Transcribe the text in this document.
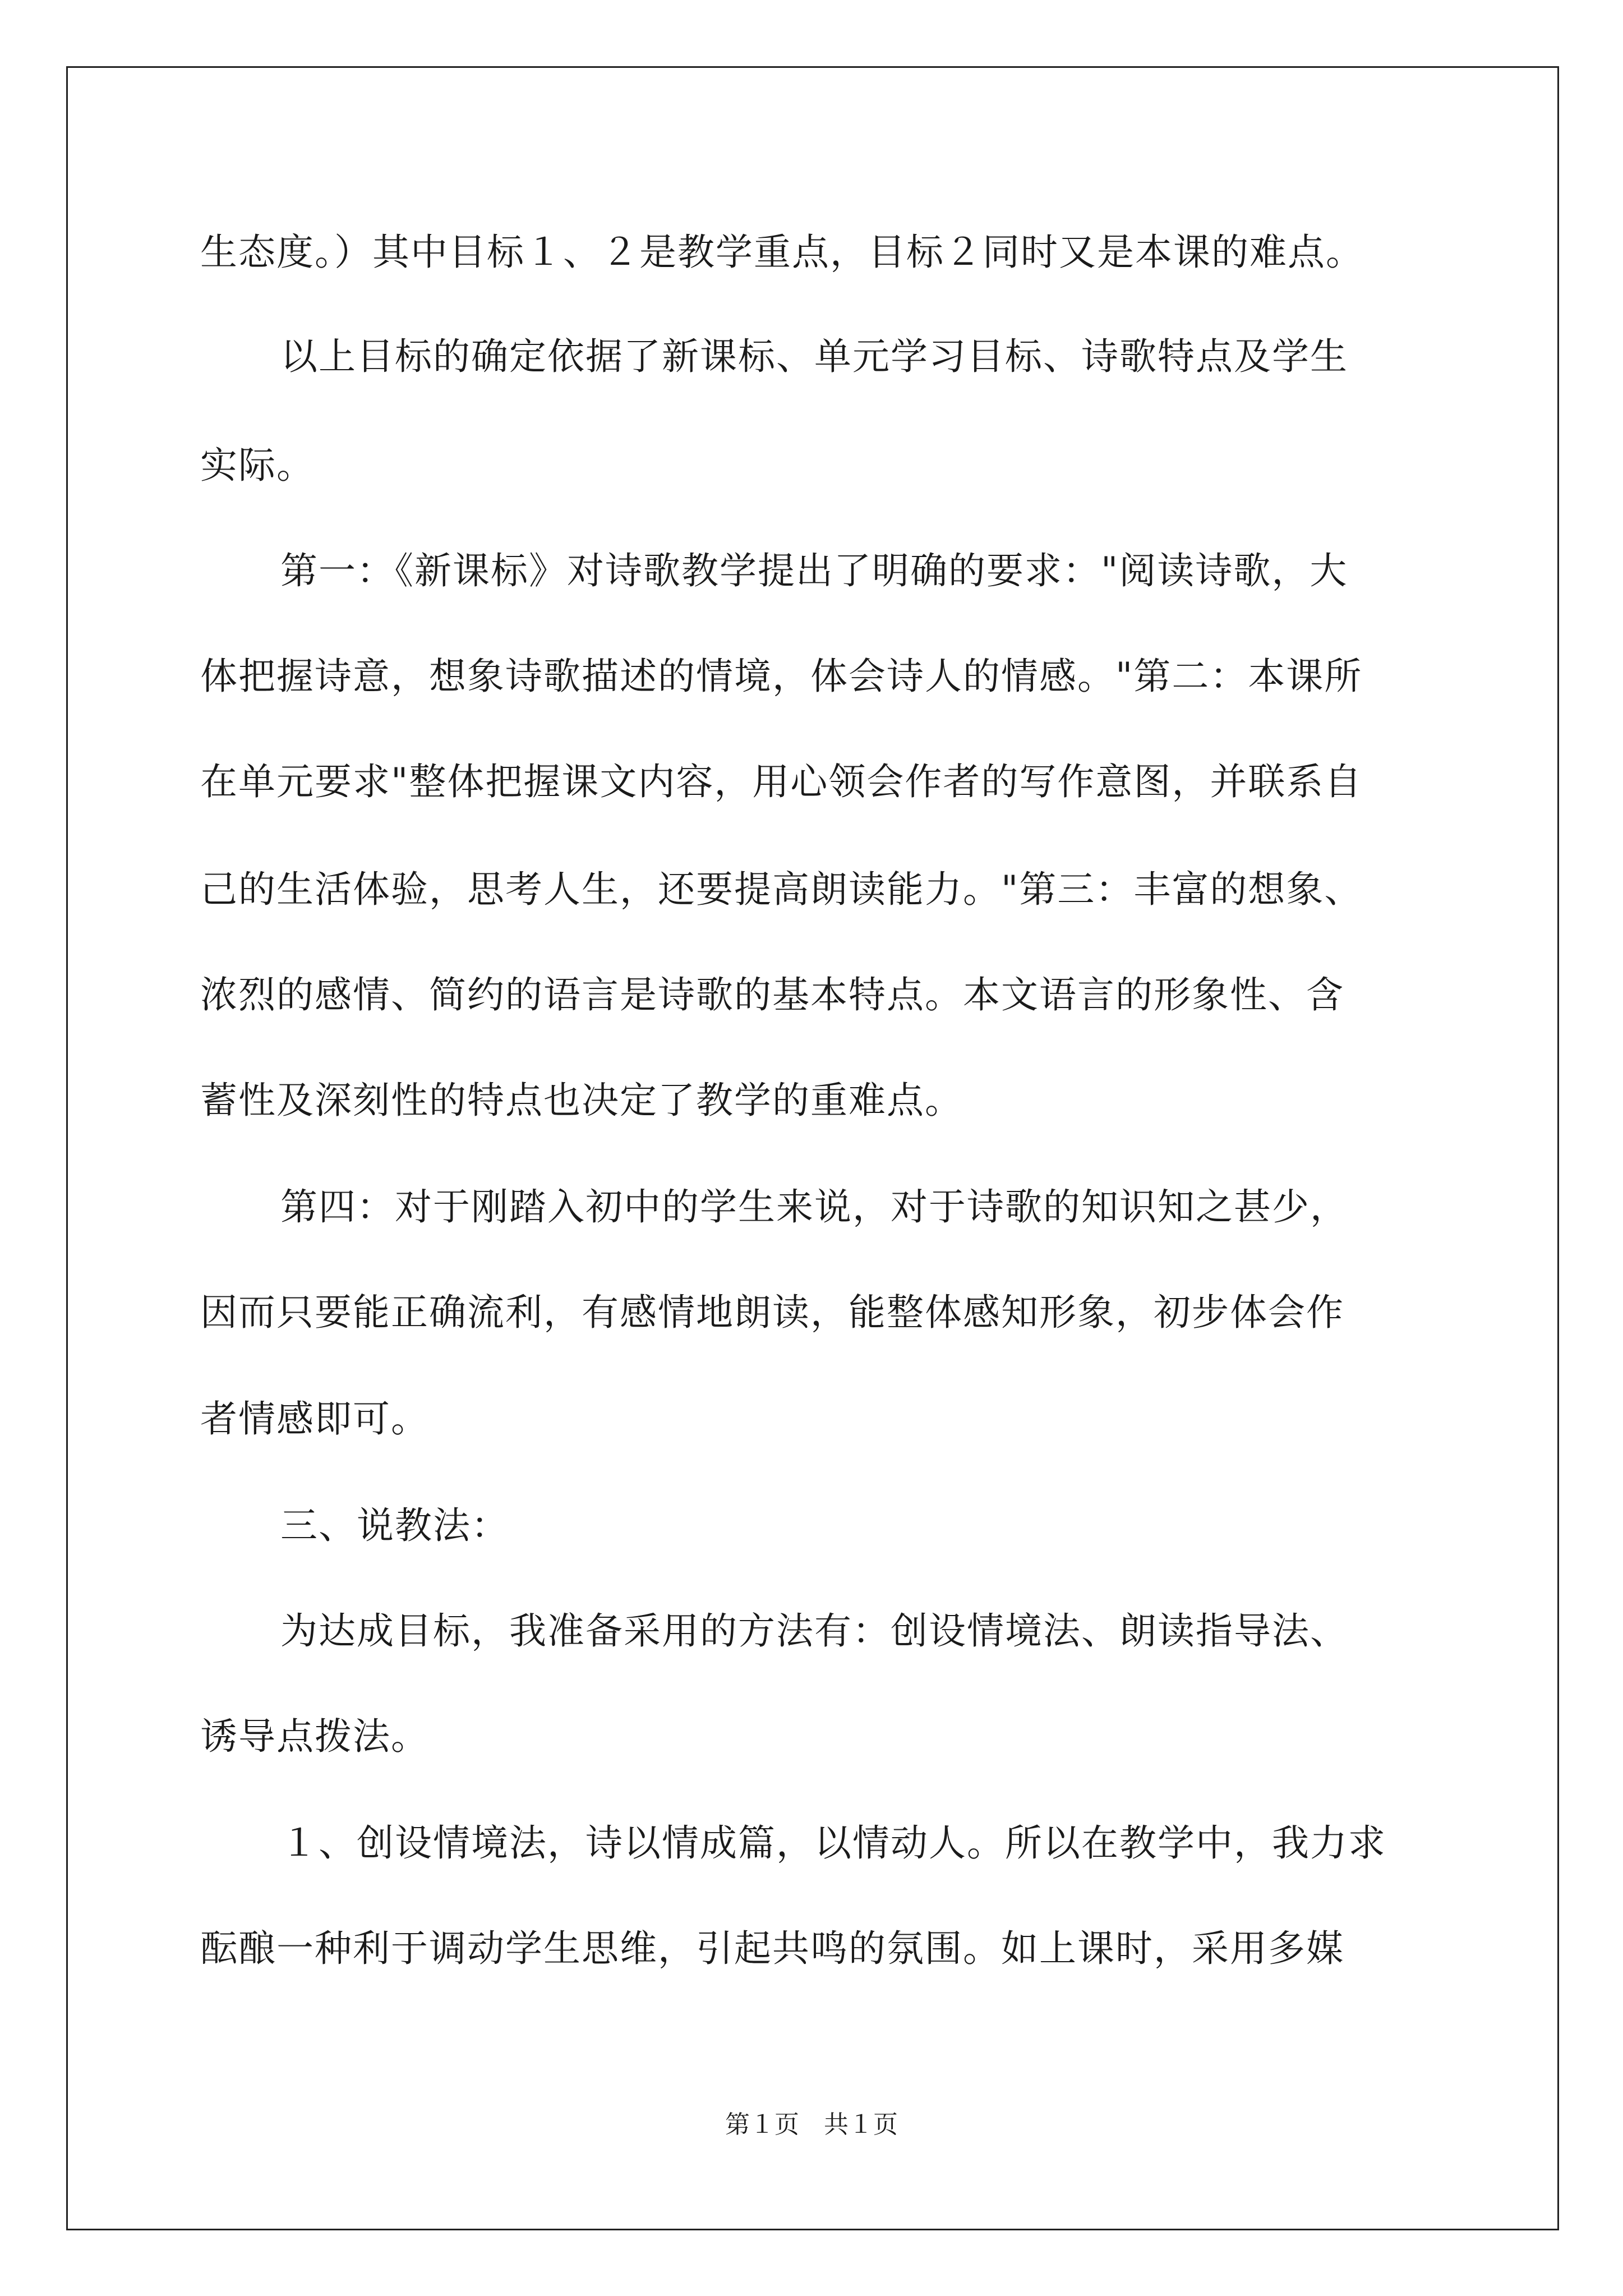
生态度。）其中目标１、２是教学重点，目标２同时又是本课的难点。
以上目标的确定依据了新课标、单元学习目标、诗歌特点及学生
实际。
第一：《新课标》对诗歌教学提出了明确的要求："阅读诗歌，大
体把握诗意，想象诗歌描述的情境，体会诗人的情感。"第二：本课所
在单元要求"整体把握课文内容，用心领会作者的写作意图，并联系自
己的生活体验，思考人生，还要提高朗读能力。"第三：丰富的想象、
浓烈的感情、简约的语言是诗歌的基本特点。本文语言的形象性、含
蓄性及深刻性的特点也决定了教学的重难点。
第四：对于刚踏入初中的学生来说，对于诗歌的知识知之甚少，
因而只要能正确流利，有感情地朗读，能整体感知形象，初步体会作
者情感即可。
三、说教法：
为达成目标，我准备采用的方法有：创设情境法、朗读指导法、
诱导点拨法。
１、创设情境法，诗以情成篇，以情动人。所以在教学中，我力求
酝酿一种利于调动学生思维，引起共鸣的氛围。如上课时，采用多媒
第１页　共１页
